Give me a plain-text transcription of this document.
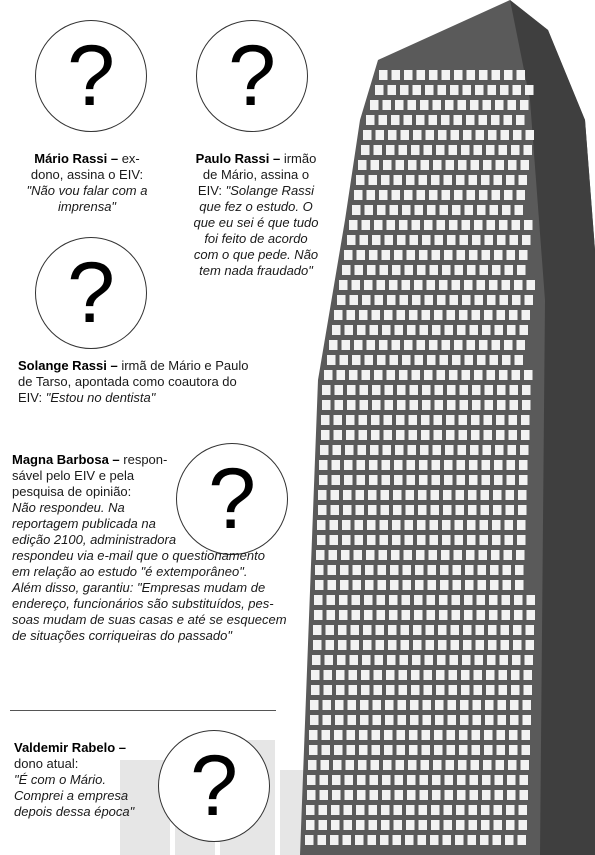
?	?
?
?
?
Mário Rassi – ex-
dono, assina o EIV:
"Não vou falar com a
imprensa"
Paulo Rassi – irmão
de Mário, assina o
EIV: "Solange Rassi
que fez o estudo. O
que eu sei é que tudo
foi feito de acordo
com o que pede. Não
tem nada fraudado"
Solange Rassi – irmã de Mário e Paulo
de Tarso, apontada como coautora do
EIV: "Estou no dentista"
Magna Barbosa – respon-
sável pelo EIV e pela
pesquisa de opinião:
Não respondeu. Na
reportagem publicada na
edição 2100, administradora
respondeu via e-mail que o questionamento
em relação ao estudo "é extemporâneo".
Além disso, garantiu: "Empresas mudam de
endereço, funcionários são substituídos, pes-
soas mudam de suas casas e até se esquecem
de situações corriqueiras do passado"
Valdemir Rabelo –
dono atual:
"É com o Mário.
Comprei a empresa
depois dessa época"
